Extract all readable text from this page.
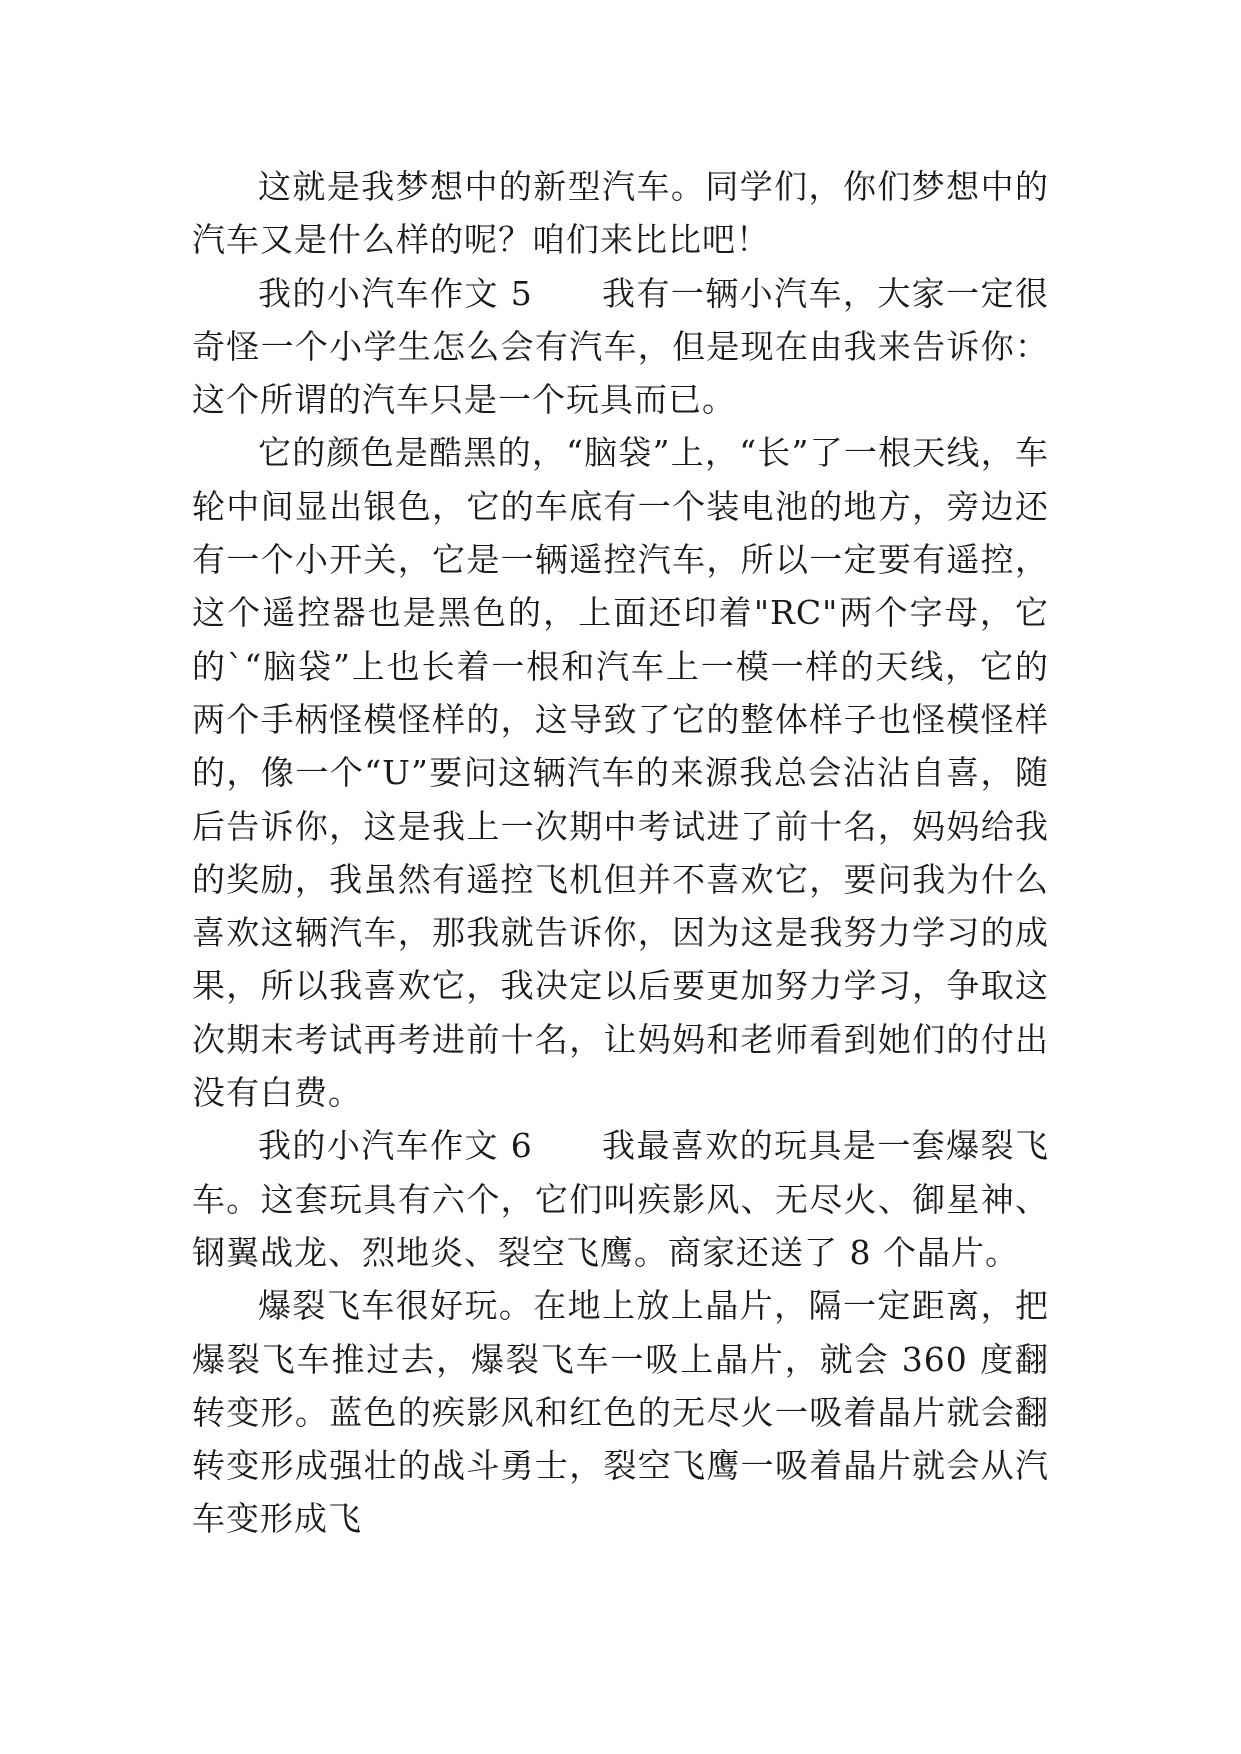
这就是我梦想中的新型汽车。同学们，你们梦想中的汽车又是什么样的呢？咱们来比比吧！

我的小汽车作文 5　　我有一辆小汽车，大家一定很奇怪一个小学生怎么会有汽车，但是现在由我来告诉你：这个所谓的汽车只是一个玩具而已。

它的颜色是酷黑的，“脑袋”上，“长”了一根天线，车轮中间显出银色，它的车底有一个装电池的地方，旁边还有一个小开关，它是一辆遥控汽车，所以一定要有遥控，这个遥控器也是黑色的，上面还印着"RC"两个字母，它的`“脑袋”上也长着一根和汽车上一模一样的天线，它的两个手柄怪模怪样的，这导致了它的整体样子也怪模怪样的，像一个“U”要问这辆汽车的来源我总会沾沾自喜，随后告诉你，这是我上一次期中考试进了前十名，妈妈给我的奖励，我虽然有遥控飞机但并不喜欢它，要问我为什么喜欢这辆汽车，那我就告诉你，因为这是我努力学习的成果，所以我喜欢它，我决定以后要更加努力学习，争取这次期末考试再考进前十名，让妈妈和老师看到她们的付出没有白费。

我的小汽车作文 6　　我最喜欢的玩具是一套爆裂飞车。这套玩具有六个，它们叫疾影风、无尽火、御星神、钢翼战龙、烈地炎、裂空飞鹰。商家还送了 8 个晶片。

爆裂飞车很好玩。在地上放上晶片，隔一定距离，把爆裂飞车推过去，爆裂飞车一吸上晶片，就会 360 度翻转变形。蓝色的疾影风和红色的无尽火一吸着晶片就会翻转变形成强壮的战斗勇士，裂空飞鹰一吸着晶片就会从汽车变形成飞
